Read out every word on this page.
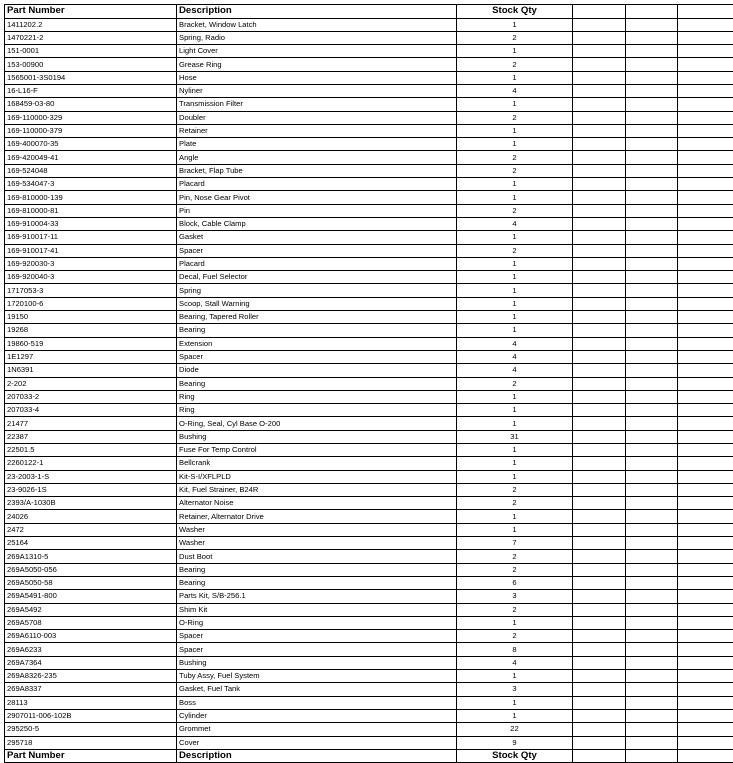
Part Number	Description	Stock Qty			
1411202.2	Bracket, Window Latch	1			
1470221-2	Spring, Radio	2			
151-0001	Light Cover	1			
153-00900	Grease Ring	2			
1565001-3S0194	Hose	1			
16-L16-F	Nyliner	4			
168459-03-80	Transmission Filter	1			
169-110000-329	Doubler	2			
169-110000-379	Retainer	1			
169-400070-35	Plate	1			
169-420049-41	Angle	2			
169-524048	Bracket, Flap Tube	2			
169-534047-3	Placard	1			
169-810000-139	Pin, Nose Gear Pivot	1			
169-810000-81	Pin	2			
169-910004-33	Block, Cable Clamp	4			
169-910017-11	Gasket	1			
169-910017-41	Spacer	2			
169-920030-3	Placard	1			
169-920040-3	Decal, Fuel Selector	1			
1717053-3	Spring	1			
1720100-6	Scoop, Stall Warning	1			
19150	Bearing, Tapered Roller	1			
19268	Bearing	1			
19860-519	Extension	4			
1E1297	Spacer	4			
1N6391	Diode	4			
2-202	Bearing	2			
207033-2	Ring	1			
207033-4	Ring	1			
21477	O-Ring, Seal, Cyl Base O-200	1			
22387	Bushing	31			
22501.5	Fuse For Temp Control	1			
2260122-1	Bellcrank	1			
23-2003-1-S	Kit-S-I/XFLPLD	1			
23-9026-1S	Kit, Fuel Strainer, B24R	2			
2393/A-1030B	Alternator Noise	2			
24026	Retainer, Alternator Drive	1			
2472	Washer	1			
25164	Washer	7			
269A1310-5	Dust Boot	2			
269A5050-056	Bearing	2			
269A5050-58	Bearing	6			
269A5491-800	Parts Kit, S/B-256.1	3			
269A5492	Shim Kit	2			
269A5708	O-Ring	1			
269A6110-003	Spacer	2			
269A6233	Spacer	8			
269A7364	Bushing	4			
269A8326-235	Tuby Assy, Fuel System	1			
269A8337	Gasket, Fuel Tank	3			
28113	Boss	1			
2907011-006-102B	Cylinder	1			
295250-5	Grommet	22			
295718	Cover	9			
Part Number	Description	Stock Qty			
